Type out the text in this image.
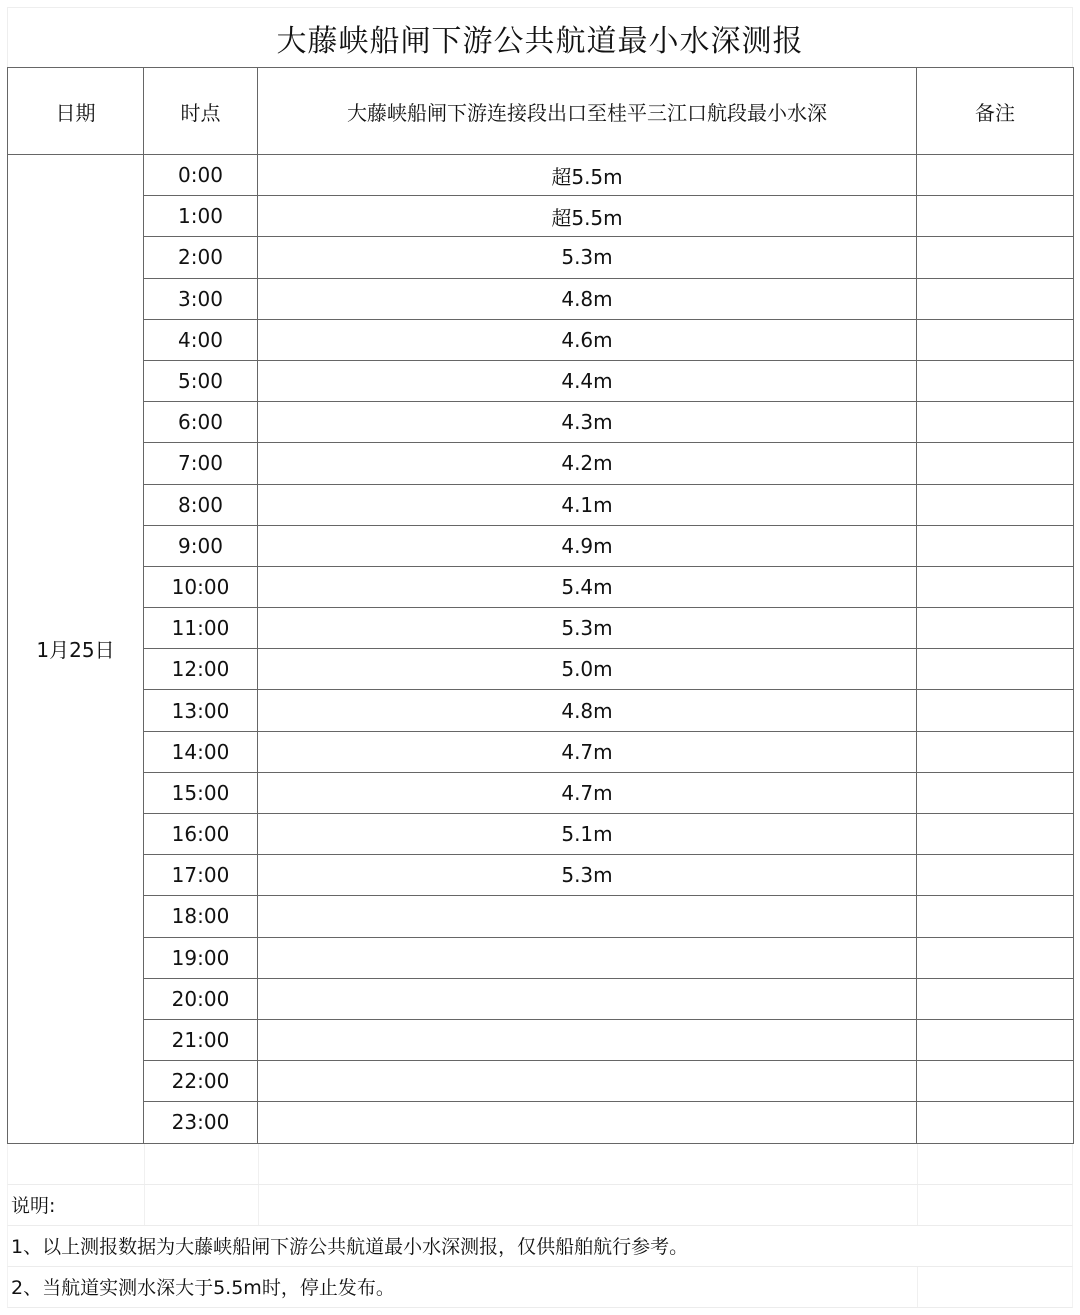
大藤峡船闸下游公共航道最小水深测报
日期	时点	大藤峡船闸下游连接段出口至桂平三江口航段最小水深	备注
1月25日	0:00	超5.5m	
	1:00	超5.5m	
	2:00	5.3m	
	3:00	4.8m	
	4:00	4.6m	
	5:00	4.4m	
	6:00	4.3m	
	7:00	4.2m	
	8:00	4.1m	
	9:00	4.9m	
	10:00	5.4m	
	11:00	5.3m	
	12:00	5.0m	
	13:00	4.8m	
	14:00	4.7m	
	15:00	4.7m	
	16:00	5.1m	
	17:00	5.3m	
	18:00		
	19:00		
	20:00		
	21:00		
	22:00		
	23:00		
说明:
1、以上测报数据为大藤峡船闸下游公共航道最小水深测报，仅供船舶航行参考。
2、当航道实测水深大于5.5m时，停止发布。
